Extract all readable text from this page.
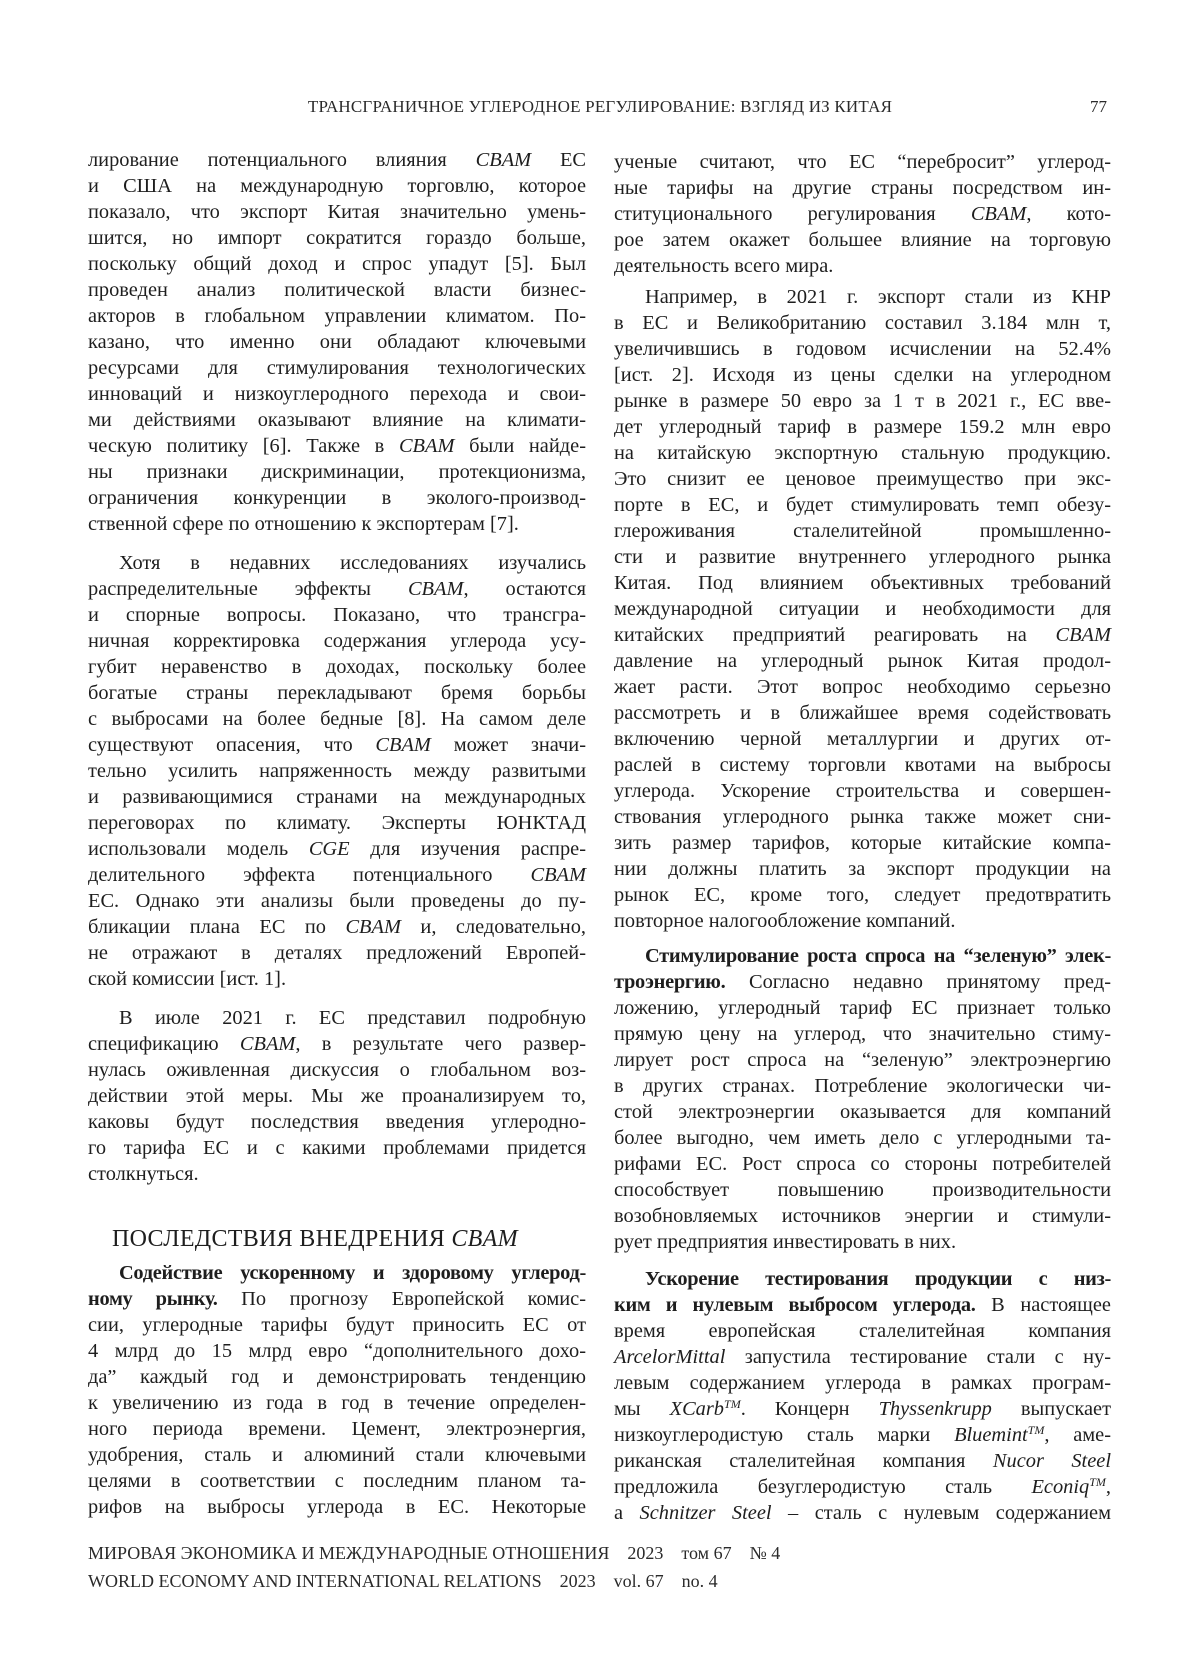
ТРАНСГРАНИЧНОЕ УГЛЕРОДНОЕ РЕГУЛИРОВАНИЕ: ВЗГЛЯД ИЗ КИТАЯ	77
лирование потенциального влияния CBAM ЕС
и США на международную торговлю, которое
показало, что экспорт Китая значительно умень-
шится, но импорт сократится гораздо больше,
поскольку общий доход и спрос упадут [5]. Был
проведен анализ политической власти бизнес-
акторов в глобальном управлении климатом. По-
казано, что именно они обладают ключевыми
ресурсами для стимулирования технологических
инноваций и низкоуглеродного перехода и свои-
ми действиями оказывают влияние на климати-
ческую политику [6]. Также в CBAM были найде-
ны признаки дискриминации, протекционизма,
ограничения конкуренции в эколого-производ-
ственной сфере по отношению к экспортерам [7].
Хотя в недавних исследованиях изучались
распределительные эффекты CBAM, остаются
и спорные вопросы. Показано, что трансгра-
ничная корректировка содержания углерода усу-
губит неравенство в доходах, поскольку более
богатые страны перекладывают бремя борьбы
с выбросами на более бедные [8]. На самом деле
существуют опасения, что CBAM может значи-
тельно усилить напряженность между развитыми
и развивающимися странами на международных
переговорах по климату. Эксперты ЮНКТАД
использовали модель CGE для изучения распре-
делительного эффекта потенциального CBAM
ЕС. Однако эти анализы были проведены до пу-
бликации плана ЕС по CBAM и, следовательно,
не отражают в деталях предложений Европей-
ской комиссии [ист. 1].
В июле 2021 г. ЕС представил подробную
спецификацию CBAM, в результате чего развер-
нулась оживленная дискуссия о глобальном воз-
действии этой меры. Мы же проанализируем то,
каковы будут последствия введения углеродно-
го тарифа ЕС и с какими проблемами придется
столкнуться.
ПОСЛЕДСТВИЯ ВНЕДРЕНИЯ CBAM
Содействие ускоренному и здоровому углерод-
ному рынку. По прогнозу Европейской комис-
сии, углеродные тарифы будут приносить ЕС от
4 млрд до 15 млрд евро “дополнительного дохо-
да” каждый год и демонстрировать тенденцию
к увеличению из года в год в течение определен-
ного периода времени. Цемент, электроэнергия,
удобрения, сталь и алюминий стали ключевыми
целями в соответствии с последним планом та-
рифов на выбросы углерода в ЕС. Некоторые
ученые считают, что ЕС “перебросит” углерод-
ные тарифы на другие страны посредством ин-
ституционального регулирования CBAM, кото-
рое затем окажет большее влияние на торговую
деятельность всего мира.
Например, в 2021 г. экспорт стали из КНР
в ЕС и Великобританию составил 3.184 млн т,
увеличившись в годовом исчислении на 52.4%
[ист. 2]. Исходя из цены сделки на углеродном
рынке в размере 50 евро за 1 т в 2021 г., ЕС вве-
дет углеродный тариф в размере 159.2 млн евро
на китайскую экспортную стальную продукцию.
Это снизит ее ценовое преимущество при экс-
порте в ЕС, и будет стимулировать темп обезу-
глероживания сталелитейной промышленно-
сти и развитие внутреннего углеродного рынка
Китая. Под влиянием объективных требований
международной ситуации и необходимости для
китайских предприятий реагировать на CBAM
давление на углеродный рынок Китая продол-
жает расти. Этот вопрос необходимо серьезно
рассмотреть и в ближайшее время содействовать
включению черной металлургии и других от-
раслей в систему торговли квотами на выбросы
углерода. Ускорение строительства и совершен-
ствования углеродного рынка также может сни-
зить размер тарифов, которые китайские компа-
нии должны платить за экспорт продукции на
рынок ЕС, кроме того, следует предотвратить
повторное налогообложение компаний.
Стимулирование роста спроса на “зеленую” элек-
троэнергию. Согласно недавно принятому пред-
ложению, углеродный тариф ЕС признает только
прямую цену на углерод, что значительно стиму-
лирует рост спроса на “зеленую” электроэнергию
в других странах. Потребление экологически чи-
стой электроэнергии оказывается для компаний
более выгодно, чем иметь дело с углеродными та-
рифами ЕС. Рост спроса со стороны потребителей
способствует повышению производительности
возобновляемых источников энергии и стимули-
рует предприятия инвестировать в них.
Ускорение тестирования продукции с низ-
ким и нулевым выбросом углерода. В настоящее
время европейская сталелитейная компания
ArcelorMittal запустила тестирование стали с ну-
левым содержанием углерода в рамках програм-
мы XCarbTM. Концерн Thyssenkrupp выпускает
низкоуглеродистую сталь марки BluemintTM, аме-
риканская сталелитейная компания Nucor Steel
предложила безуглеродистую сталь EconiqTM,
а Schnitzer Steel – сталь с нулевым содержанием
МИРОВАЯ ЭКОНОМИКА И МЕЖДУНАРОДНЫЕ ОТНОШЕНИЯ 2023 том 67 № 4
WORLD ECONOMY AND INTERNATIONAL RELATIONS 2023 vol. 67 no. 4
